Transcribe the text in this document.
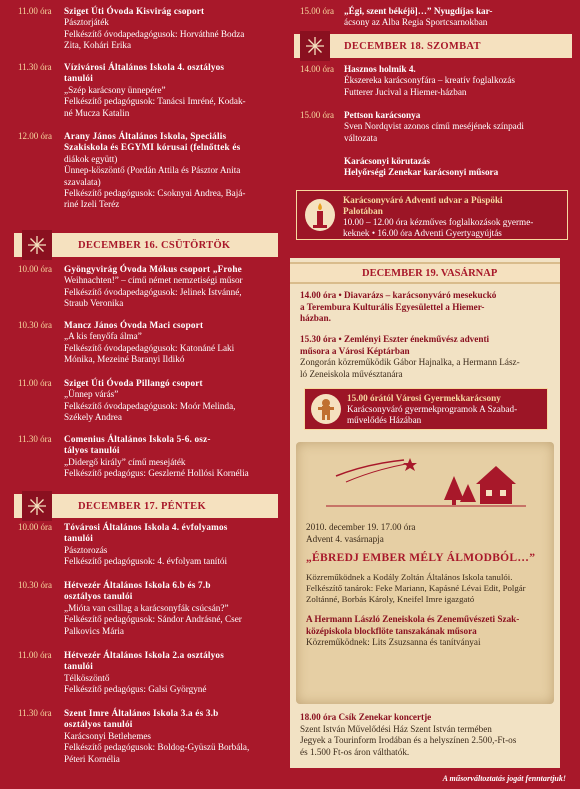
11.00 óra Sziget Úti Óvoda Kisvirág csoport
Pásztorjáték
Felkészítő óvodapedagógusok: Horváthné Bodza
Zita, Kohári Erika
11.30 óra Vízivárosi Általános Iskola 4. osztályos
tanulói
„Szép karácsony ünnepére”
Felkészítő pedagógusok: Tanácsi Imréné, Kodak-
né Mucza Katalin
12.00 óra Arany János Általános Iskola, Speciális
Szakiskola és EGYMI kórusai (felnőttek és
diákok együtt)
Ünnep-köszöntő (Pordán Attila és Pásztor Anita
szavalata)
Felkészítő pedagógusok: Csoknyai Andrea, Bajá-
riné Izeli Teréz
DECEMBER 16. CSÜTÖRTÖK
10.00 óra Gyöngyvirág Óvoda Mókus csoport „Frohe
Weihnachten!” – című német nemzetiségi műsor
Felkészítő óvodapedagógusok: Jelinek Istvánné,
Straub Veronika
10.30 óra Mancz János Óvoda Maci csoport
„A kis fenyőfa álma”
Felkészítő óvodapedagógusok: Katonáné Laki
Mónika, Mezeiné Baranyi Ildikó
11.00 óra Sziget Úti Óvoda Pillangó csoport
„Ünnep várás”
Felkészítő óvodapedagógusok: Moór Melinda,
Székely Andrea
11.30 óra Comenius Általános Iskola 5-6. osz-
tályos tanulói
„Didergő király” című mesejáték
Felkészítő pedagógus: Geszlerné Hollósi Kornélia
DECEMBER 17. PÉNTEK
10.00 óra Tóvárosi Általános Iskola 4. évfolyamos
tanulói
Pásztorozás
Felkészítő pedagógusok: 4. évfolyam tanítói
10.30 óra Hétvezér Általános Iskola 6.b és 7.b
osztályos tanulói
„Mióta van csillag a karácsonyfák csúcsán?”
Felkészítő pedagógusok: Sándor Andrásné, Cser
Palkovics Mária
11.00 óra Hétvezér Általános Iskola 2.a osztályos
tanulói
Télköszöntő
Felkészítő pedagógus: Galsi Györgyné
11.30 óra Szent Imre Általános Iskola 3.a és 3.b
osztályos tanulói
Karácsonyi Betlehemes
Felkészítő pedagógusok: Boldog-Gyüszü Borbála,
Péteri Kornélia
15.00 óra „Égi, szent békéjö]…” Nyugdíjas kar-
ácsony az Alba Regia Sportcsarnokban
DECEMBER 18. SZOMBAT
14.00 óra Hasznos holmik 4.
Ékszereka karácsonyfára – kreatív foglalkozás
Futterer Jucival a Hiemer-házban
15.00 óra Pettson karácsonya
Sven Nordqvist azonos című meséjének színpadi
változata
Karácsonyi körutazás
Helyőrségi Zenekar karácsonyi műsora
Karácsonyváró Adventi udvar a Püspöki
Palotában
10.00 – 12.00 óra kézműves foglalkozások gyerme-
keknek • 16.00 óra Adventi Gyertyagyújtás
DECEMBER 19. VASÁRNAP
14.00 óra • Diavarázs – karácsonyváró mesekuckó
a Terembura Kulturális Egyesülettel a Hiemer-
házban.
15.30 óra • Zemlényi Eszter énekművész adventi
műsora a Városi Képtárban
Zongorán közreműködik Gábor Hajnalka, a Hermann Lász-
ló Zeneiskola művésztanára
15.00 órától Városi Gyermekkarácsony
Karácsonyváró gyermekprogramok A Szabad-
művelődés Házában
2010. december 19. 17.00 óra
Advent 4. vasárnapja
„ÉBREDJ EMBER MÉLY ÁLMODBÓL…”
Közreműködnek a Kodály Zoltán Általános Iskola tanulói.
Felkészítő tanárok: Feke Mariann, Kapásné Lévai Edit, Polgár
Zoltánné, Borbás Károly, Kneifel Imre igazgató
A Hermann László Zeneiskola és Zeneművészeti Szak-
középiskola blockflöte tanszakának műsora
Közreműködnek: Lits Zsuzsanna és tanítványai
18.00 óra Csík Zenekar koncertje
Szent István Művelődési Ház Szent István termében
Jegyek a Tourinform Irodában és a helyszínen 2.500,-Ft-os
és 1.500 Ft-os áron válthatók.
A műsorváltoztatás jogát fenntartjuk!
